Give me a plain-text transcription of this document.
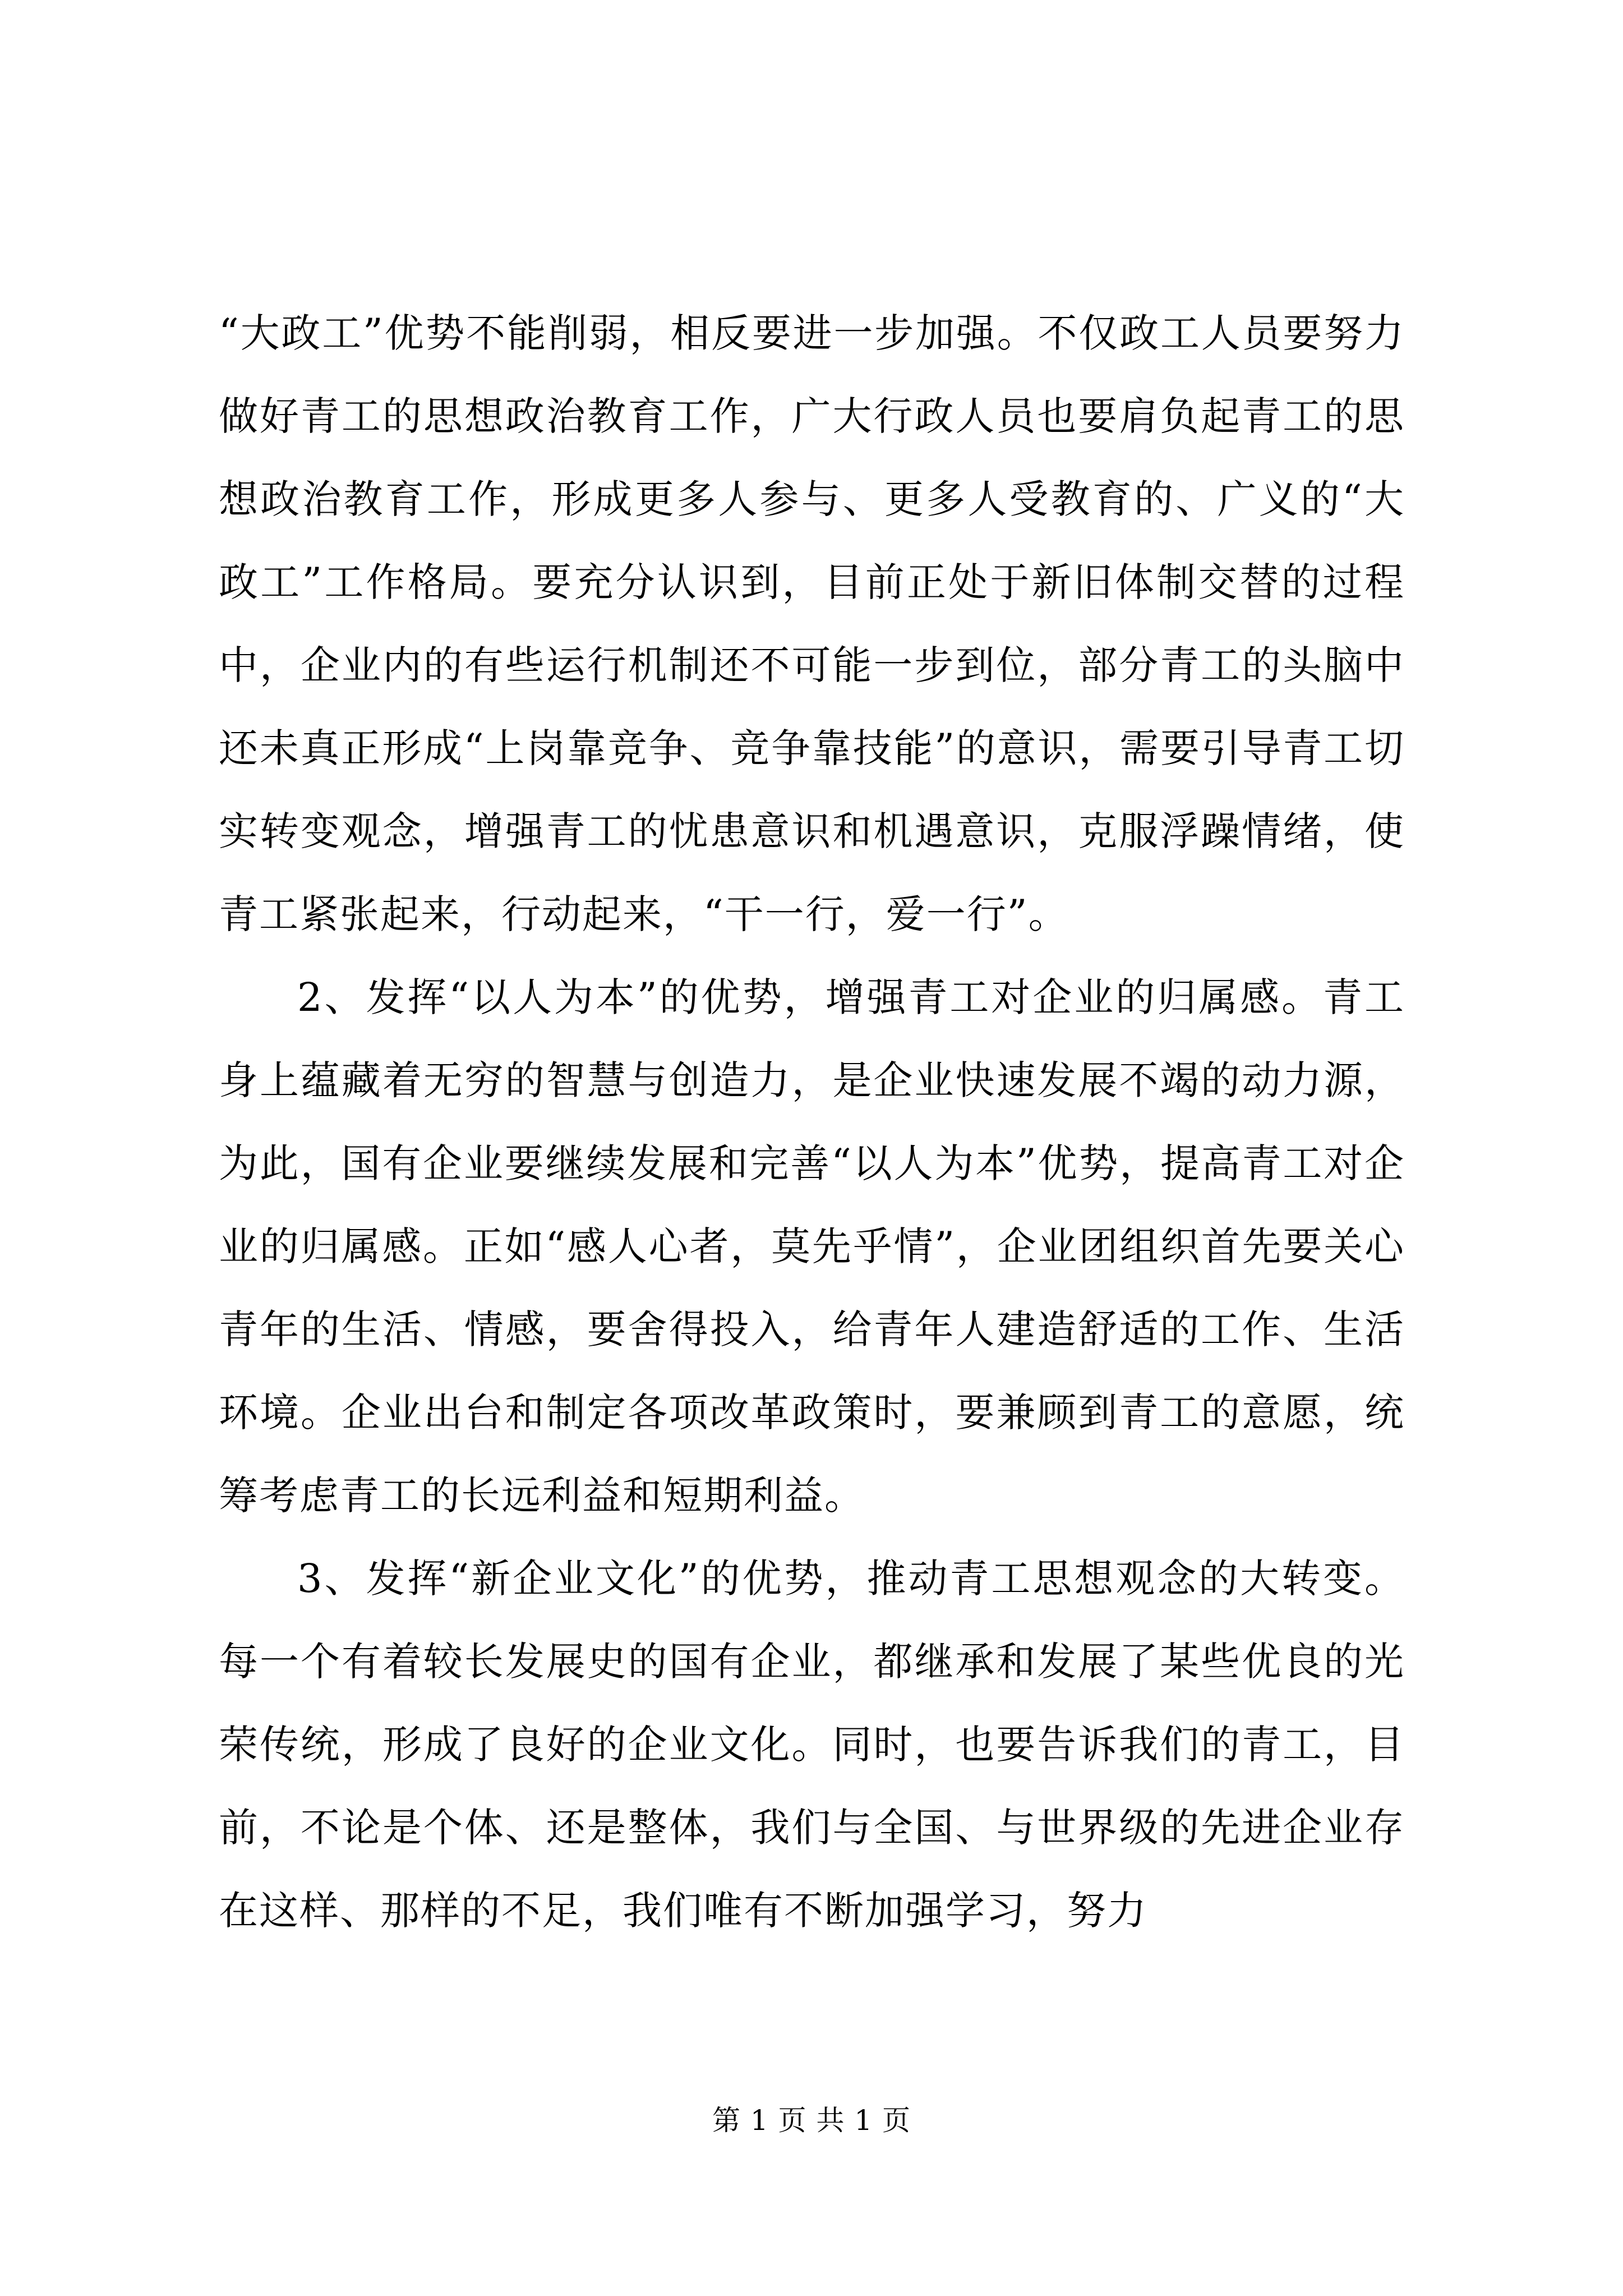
“大政工”优势不能削弱，相反要进一步加强。不仅政工人员要努力做好青工的思想政治教育工作，广大行政人员也要肩负起青工的思想政治教育工作，形成更多人参与、更多人受教育的、广义的“大政工”工作格局。要充分认识到，目前正处于新旧体制交替的过程中，企业内的有些运行机制还不可能一步到位，部分青工的头脑中还未真正形成“上岗靠竞争、竞争靠技能”的意识，需要引导青工切实转变观念，增强青工的忧患意识和机遇意识，克服浮躁情绪，使青工紧张起来，行动起来，“干一行，爱一行”。

2、发挥“以人为本”的优势，增强青工对企业的归属感。青工身上蕴藏着无穷的智慧与创造力，是企业快速发展不竭的动力源，为此，国有企业要继续发展和完善“以人为本”优势，提高青工对企业的归属感。正如“感人心者，莫先乎情”，企业团组织首先要关心青年的生活、情感，要舍得投入，给青年人建造舒适的工作、生活环境。企业出台和制定各项改革政策时，要兼顾到青工的意愿，统筹考虑青工的长远利益和短期利益。

3、发挥“新企业文化”的优势，推动青工思想观念的大转变。每一个有着较长发展史的国有企业，都继承和发展了某些优良的光荣传统，形成了良好的企业文化。同时，也要告诉我们的青工，目前，不论是个体、还是整体，我们与全国、与世界级的先进企业存在这样、那样的不足，我们唯有不断加强学习，努力

第 1 页 共 1 页
